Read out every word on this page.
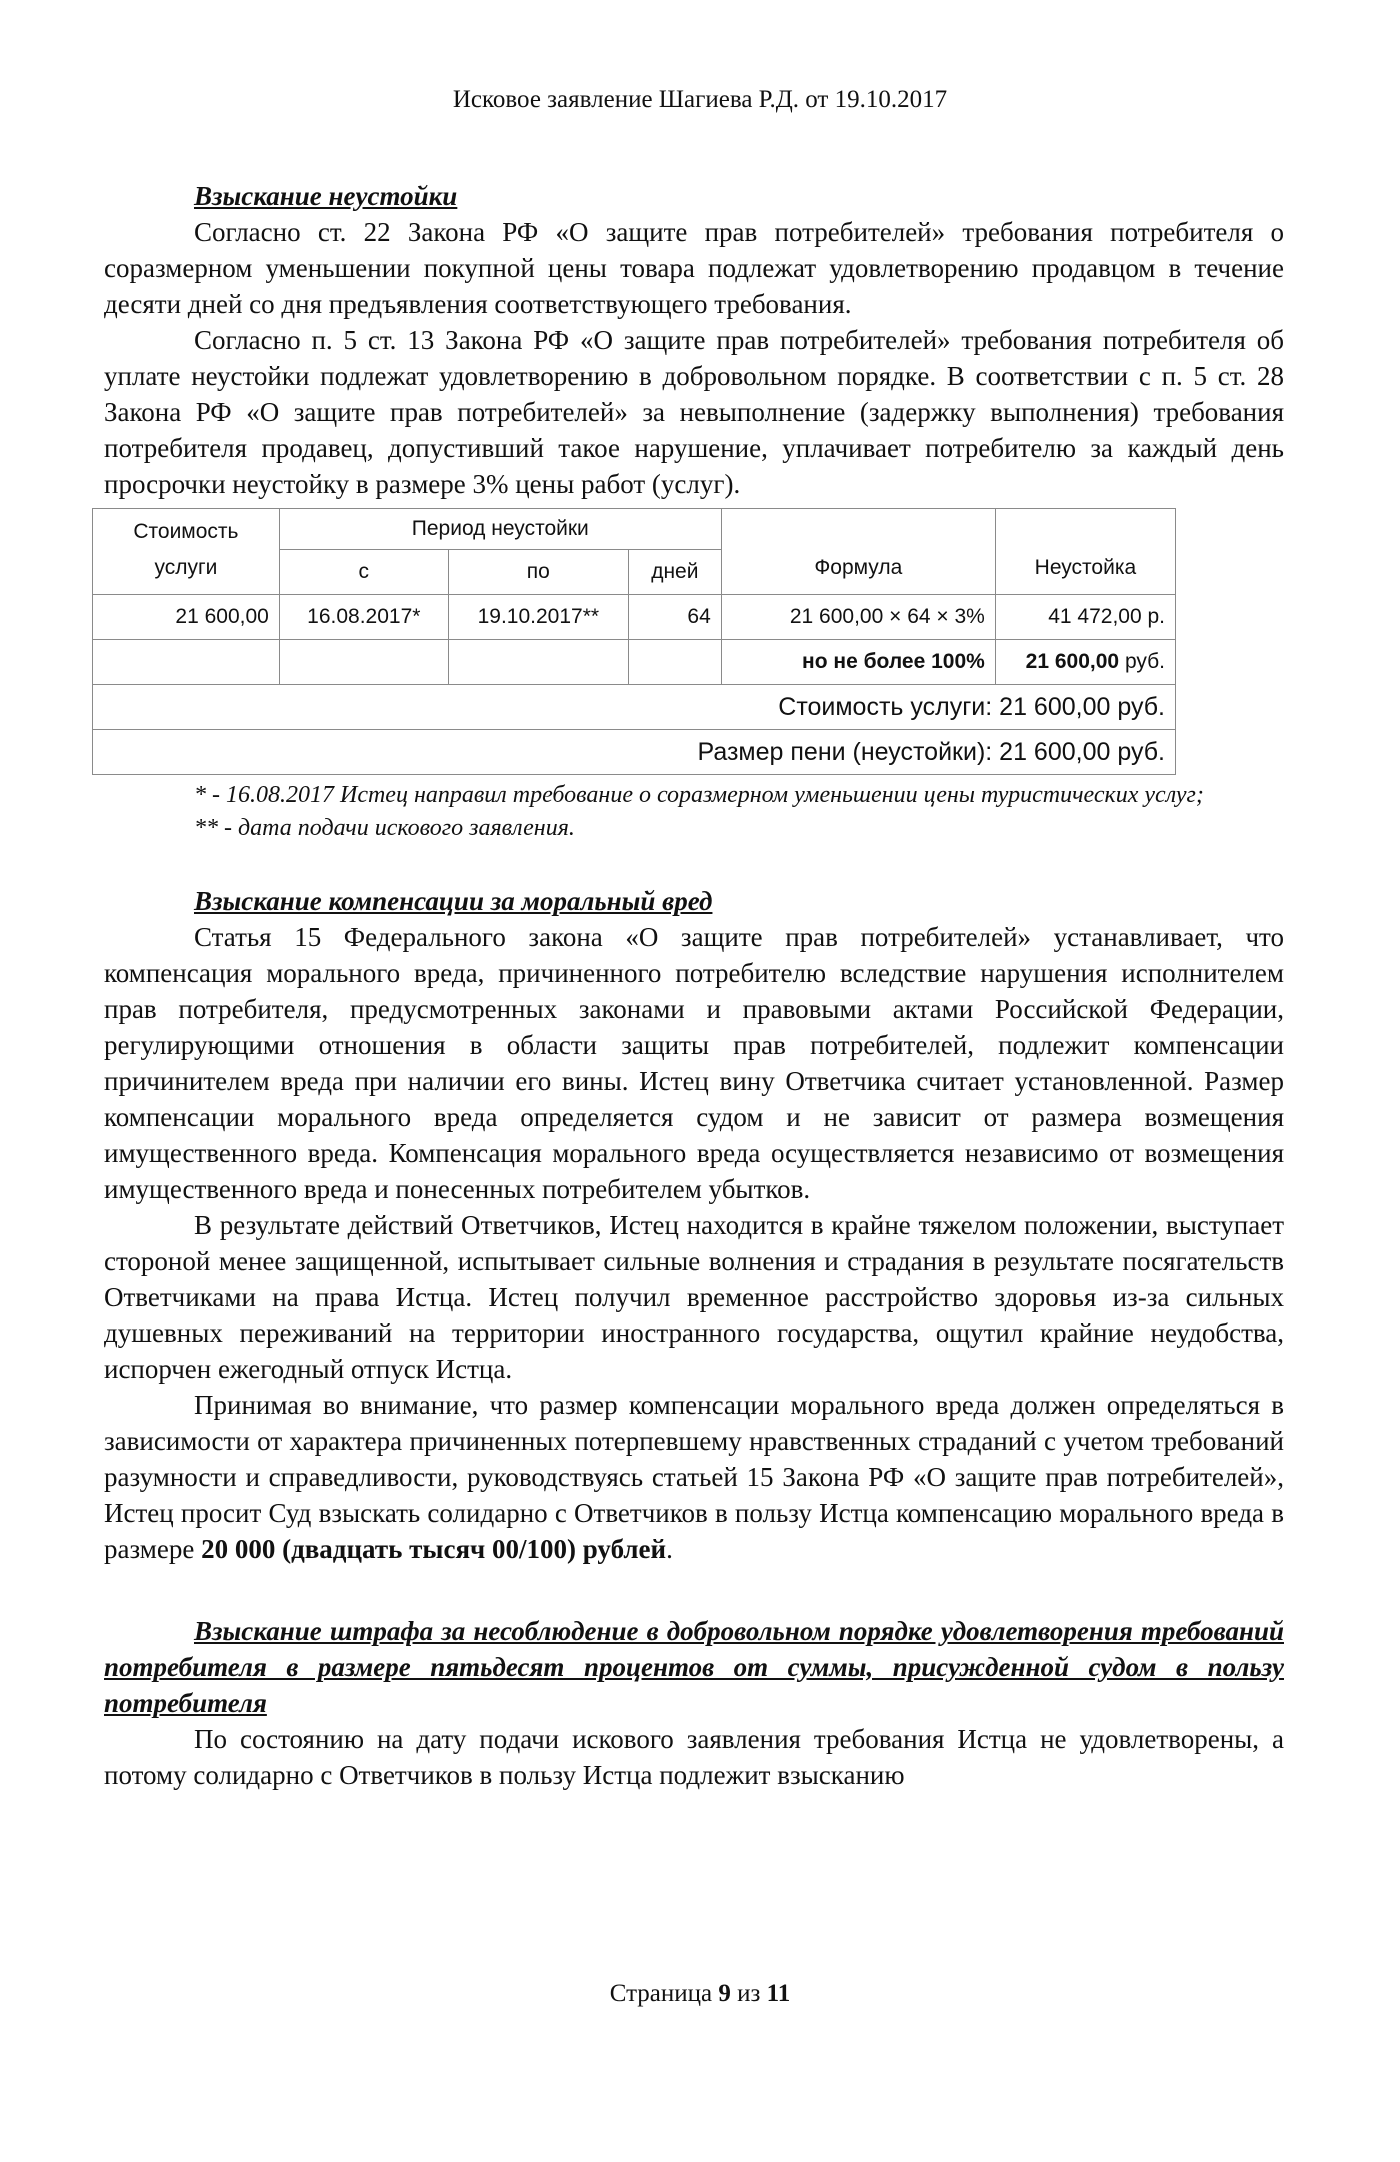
Исковое заявление Шагиева Р.Д. от 19.10.2017

Взыскание неустойки

Согласно ст. 22 Закона РФ «О защите прав потребителей» требования потребителя о соразмерном уменьшении покупной цены товара подлежат удовлетворению продавцом в течение десяти дней со дня предъявления соответствующего требования.

Согласно п. 5 ст. 13 Закона РФ «О защите прав потребителей» требования потребителя об уплате неустойки подлежат удовлетворению в добровольном порядке. В соответствии с п. 5 ст. 28 Закона РФ «О защите прав потребителей» за невыполнение (задержку выполнения) требования потребителя продавец, допустивший такое нарушение, уплачивает потребителю за каждый день просрочки неустойку в размере 3% цены работ (услуг).

Стоимость услуги	Период неустойки			Формула	Неустойка
	с	по	дней		
21 600,00	16.08.2017*	19.10.2017**	64	21 600,00 × 64 × 3%	41 472,00 р.
				но не более 100%	21 600,00 руб.
Стоимость услуги: 21 600,00 руб.					
Размер пени (неустойки): 21 600,00 руб.					

* - 16.08.2017 Истец направил требование о соразмерном уменьшении цены туристических услуг;

** - дата подачи искового заявления.

Взыскание компенсации за моральный вред

Статья 15 Федерального закона «О защите прав потребителей» устанавливает, что компенсация морального вреда, причиненного потребителю вследствие нарушения исполнителем прав потребителя, предусмотренных законами и правовыми актами Российской Федерации, регулирующими отношения в области защиты прав потребителей, подлежит компенсации причинителем вреда при наличии его вины. Истец вину Ответчика считает установленной. Размер компенсации морального вреда определяется судом и не зависит от размера возмещения имущественного вреда. Компенсация морального вреда осуществляется независимо от возмещения имущественного вреда и понесенных потребителем убытков.

В результате действий Ответчиков, Истец находится в крайне тяжелом положении, выступает стороной менее защищенной, испытывает сильные волнения и страдания в результате посягательств Ответчиками на права Истца. Истец получил временное расстройство здоровья из-за сильных душевных переживаний на территории иностранного государства, ощутил крайние неудобства, испорчен ежегодный отпуск Истца.

Принимая во внимание, что размер компенсации морального вреда должен определяться в зависимости от характера причиненных потерпевшему нравственных страданий с учетом требований разумности и справедливости, руководствуясь статьей 15 Закона РФ «О защите прав потребителей», Истец просит Суд взыскать солидарно с Ответчиков в пользу Истца компенсацию морального вреда в размере 20 000 (двадцать тысяч 00/100) рублей.

Взыскание штрафа за несоблюдение в добровольном порядке удовлетворения требований потребителя в размере пятьдесят процентов от суммы, присужденной судом в пользу потребителя

По состоянию на дату подачи искового заявления требования Истца не удовлетворены, а потому солидарно с Ответчиков в пользу Истца подлежит взысканию

Страница 9 из 11
